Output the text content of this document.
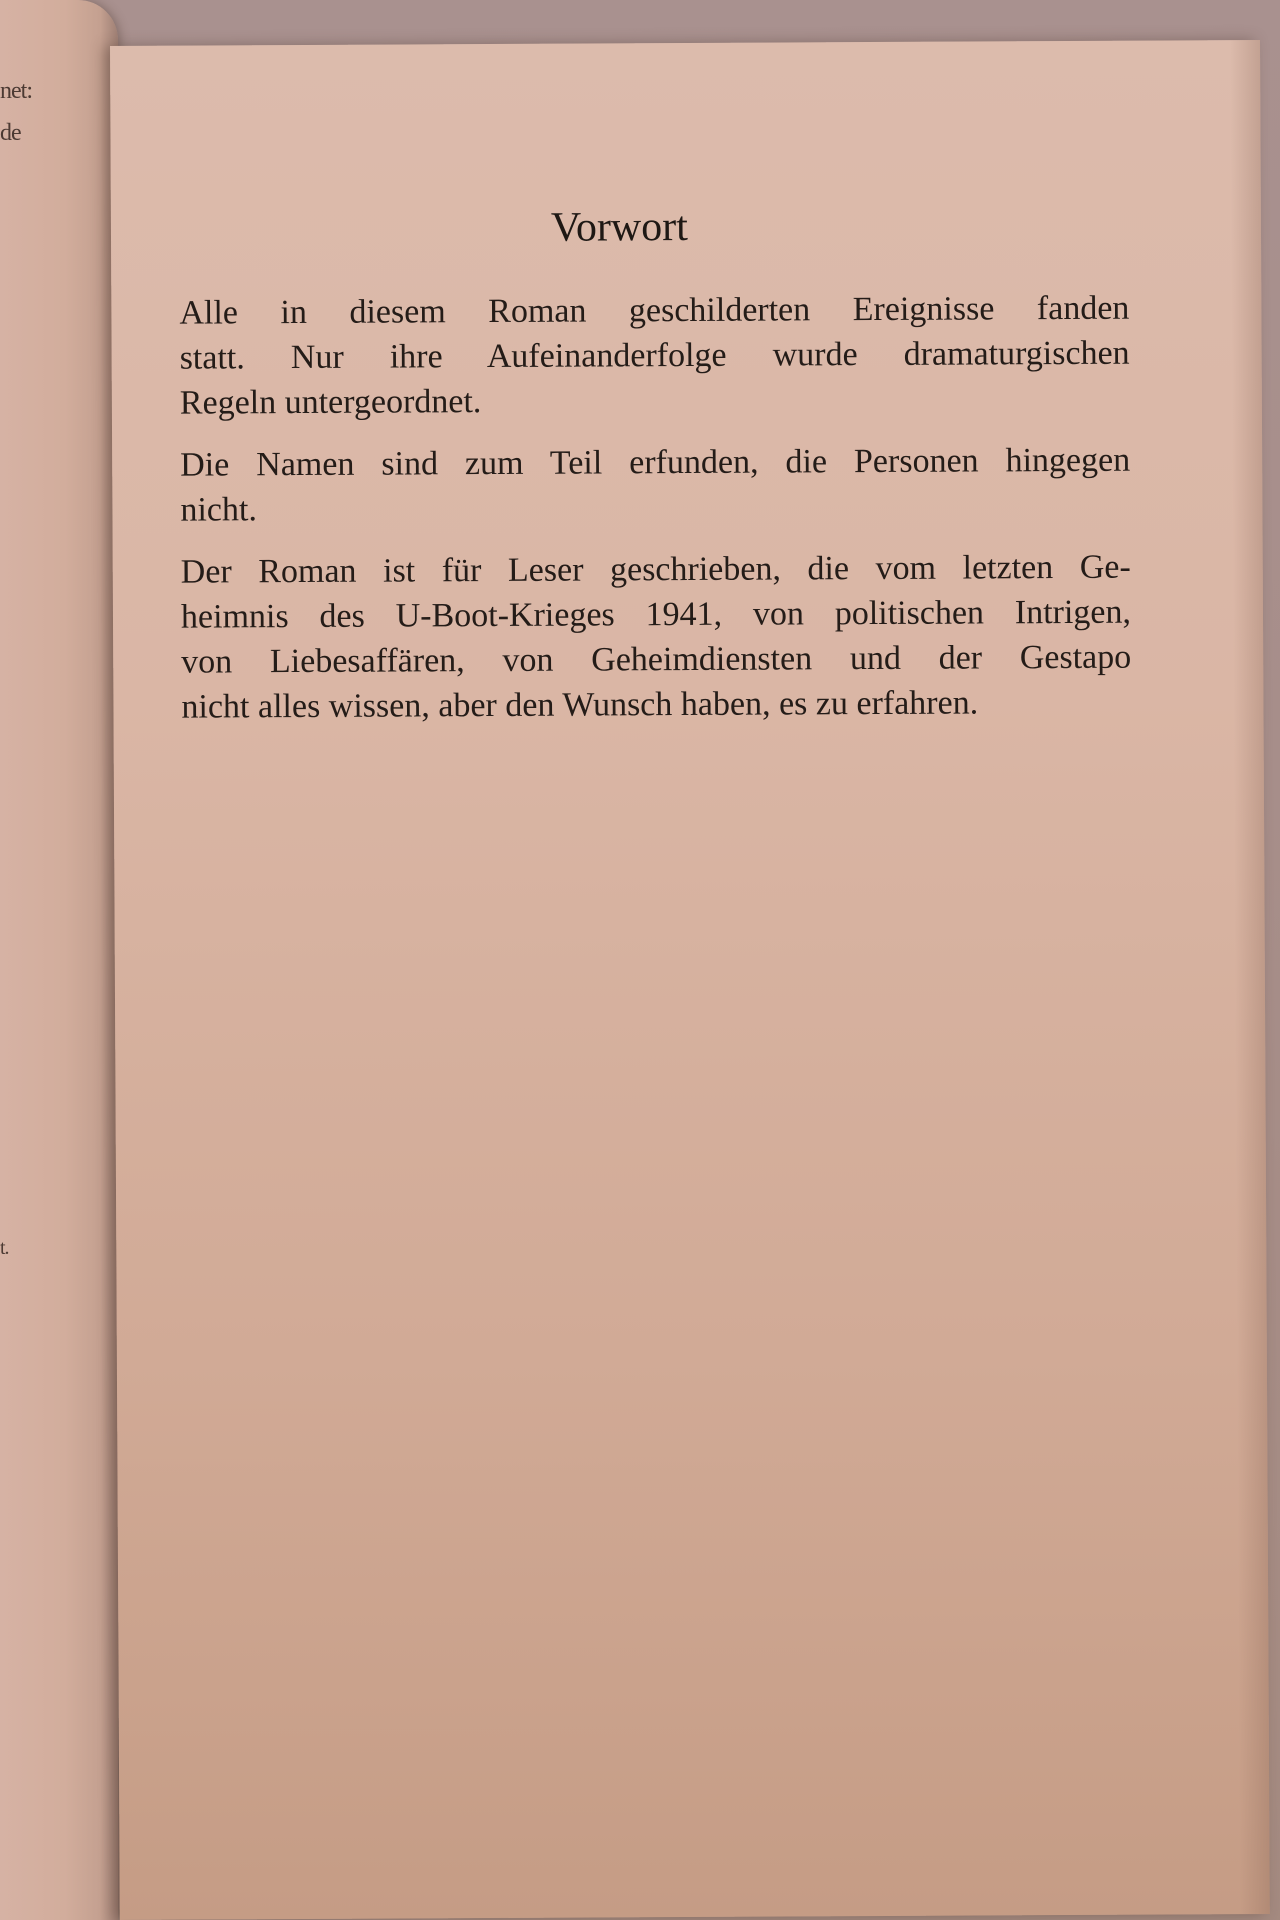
net:
de
t.
Vorwort

Alle in diesem Roman geschilderten Ereignisse fanden
statt. Nur ihre Aufeinanderfolge wurde dramaturgischen
Regeln untergeordnet.

Die Namen sind zum Teil erfunden, die Personen hingegen
nicht.

Der Roman ist für Leser geschrieben, die vom letzten Ge-
heimnis des U-Boot-Krieges 1941, von politischen Intrigen,
von Liebesaffären, von Geheimdiensten und der Gestapo
nicht alles wissen, aber den Wunsch haben, es zu erfahren.
